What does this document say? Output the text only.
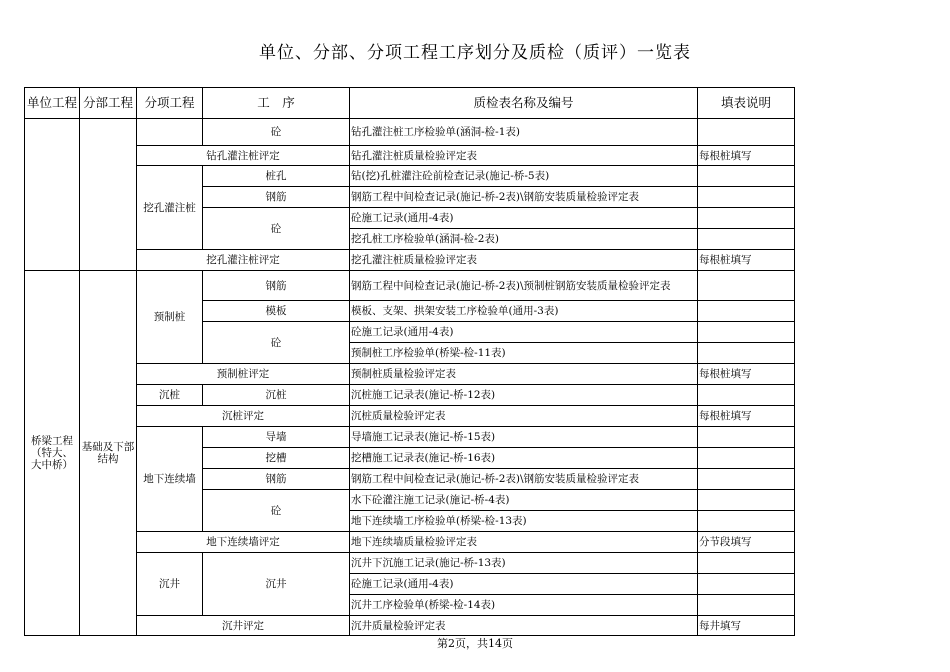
单位、分部、分项工程工序划分及质检（质评）一览表
单位工程	分部工程	分项工程	工　序	质检表名称及编号	填表说明
			砼	钻孔灌注桩工序检验单(涵洞-检-1表)	
		钻孔灌注桩评定		钻孔灌注桩质量检验评定表	每根桩填写
		挖孔灌注桩	桩孔	钻(挖)孔桩灌注砼前检查记录(施记-桥-5表)	
			钢筋	钢筋工程中间检查记录(施记-桥-2表)\钢筋安装质量检验评定表	
			砼	砼施工记录(通用-4表)	
				挖孔桩工序检验单(涵洞-检-2表)	
		挖孔灌注桩评定		挖孔灌注桩质量检验评定表	每根桩填写
桥梁工程（特大、大中桥）	基础及下部结构	预制桩	钢筋	钢筋工程中间检查记录(施记-桥-2表)\预制桩钢筋安装质量检验评定表	
			模板	模板、支架、拱架安装工序检验单(通用-3表)	
			砼	砼施工记录(通用-4表)	
				预制桩工序检验单(桥梁-检-11表)	
		预制桩评定		预制桩质量检验评定表	每根桩填写
		沉桩	沉桩	沉桩施工记录表(施记-桥-12表)	
		沉桩评定		沉桩质量检验评定表	每根桩填写
		地下连续墙	导墙	导墙施工记录表(施记-桥-15表)	
			挖槽	挖槽施工记录表(施记-桥-16表)	
			钢筋	钢筋工程中间检查记录(施记-桥-2表)\钢筋安装质量检验评定表	
			砼	水下砼灌注施工记录(施记-桥-4表)	
				地下连续墙工序检验单(桥梁-检-13表)	
		地下连续墙评定		地下连续墙质量检验评定表	分节段填写
		沉井	沉井	沉井下沉施工记录(施记-桥-13表)	
				砼施工记录(通用-4表)	
				沉井工序检验单(桥梁-检-14表)	
		沉井评定		沉井质量检验评定表	每井填写
第2页，共14页
